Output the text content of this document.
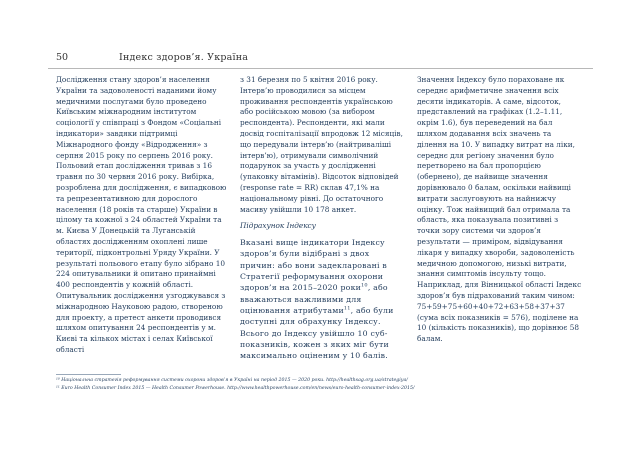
50	Індекс здоров’я. Україна

Дослідження стану здоров’я населення України та задоволеності наданими йому медичними послугами було проведено Київським міжнародним інститутом соціології у співпраці з Фондом «Соціальні індикатори» завдяки підтримці Міжнародного фонду «Відродження» з серпня 2015 року по серпень 2016 року. Польовий етап дослідження тривав з 16 травня по 30 червня 2016 року. Вибірка, розроблена для дослідження, є випадковою та репрезентативною для дорослого населення (18 років та старше) України в цілому та кожної з 24 областей України та м. Києва У Донецькій та Луганській областях дослідженням охоплені лише території, підконтрольні Уряду України. У результаті польового етапу було зібрано 10 224 опитувальники й опитано принаймні 400 респондентів у кожній області. Опитувальник дослідження узгоджувався з міжнародною Науковою радою, створеною для проекту, а претест анкети проводився шляхом опитування 24 респондентів у м. Києві та кількох містах і селах Київської області

з 31 березня по 5 квітня 2016 року. Інтерв’ю проводилися за місцем проживання респондентів українською або російською мовою (за вибором респондента). Респонденти, які мали досвід госпіталізації впродовж 12 місяців, що передували інтерв’ю (найтриваліші інтерв’ю), отримували символічний подарунок за участь у дослідженні (упаковку вітамінів). Відсоток відповідей (response rate = RR) склав 47,1% на національному рівні. До остаточного масиву увійшли 10 178 анкет.

Підрахунок Індексу

Вказані вище індикатори Індексу здоров’я були відібрані з двох причин: або вони задекларовані в Стратегії реформування охорони здоров’я на 2015–2020 роки$^{10}$, або вважаються важливими для оцінювання атрибутами$^{11}$, або були доступні для обрахунку Індексу. Всього до Індексу увійшло 10 суб-показників, кожен з яких міг бути максимально оціненим у 10 балів.

Значення Індексу було пораховане як середнє арифметичне значення всіх десяти індикаторів. А саме, відсоток, представлений на графіках (1.2–1.11, окрім 1.6), був переведений на бал шляхом додавання всіх значень та ділення на 10. У випадку витрат на ліки, середнє для регіону значення було перетворено на бал пропорцією (обернено), де найвище значення дорівнювало 0 балам, оскільки найвищі витрати заслуговують на найнижчу оцінку. Тож найвищий бал отримала та область, яка показувала позитивні з точки зору системи чи здоров’я результати — приміром, відвідування лікаря у випадку хвороби, задоволеність медичною допомогою, низькі витрати, знання симптомів інсульту тощо. Наприклад, для Вінницької області Індекс здоров’я був підрахований таким чином: 75+59+75+60+40+72+63+58+37+37 (сума всіх показників = 576), поділене на 10 (кількість показників), що дорівнює 58 балам.

¹⁰ Національна стратегія реформування системи охорони здоров’я в Україні на період 2015 — 2020 роки. http://healthsag.org.ua/strategiya/

¹¹ Euro Health Consumer Index 2015 — Health Consumer Powerhouse. http://www.healthpowerhouse.com/en/news/euro-health-consumer-index-2015/
